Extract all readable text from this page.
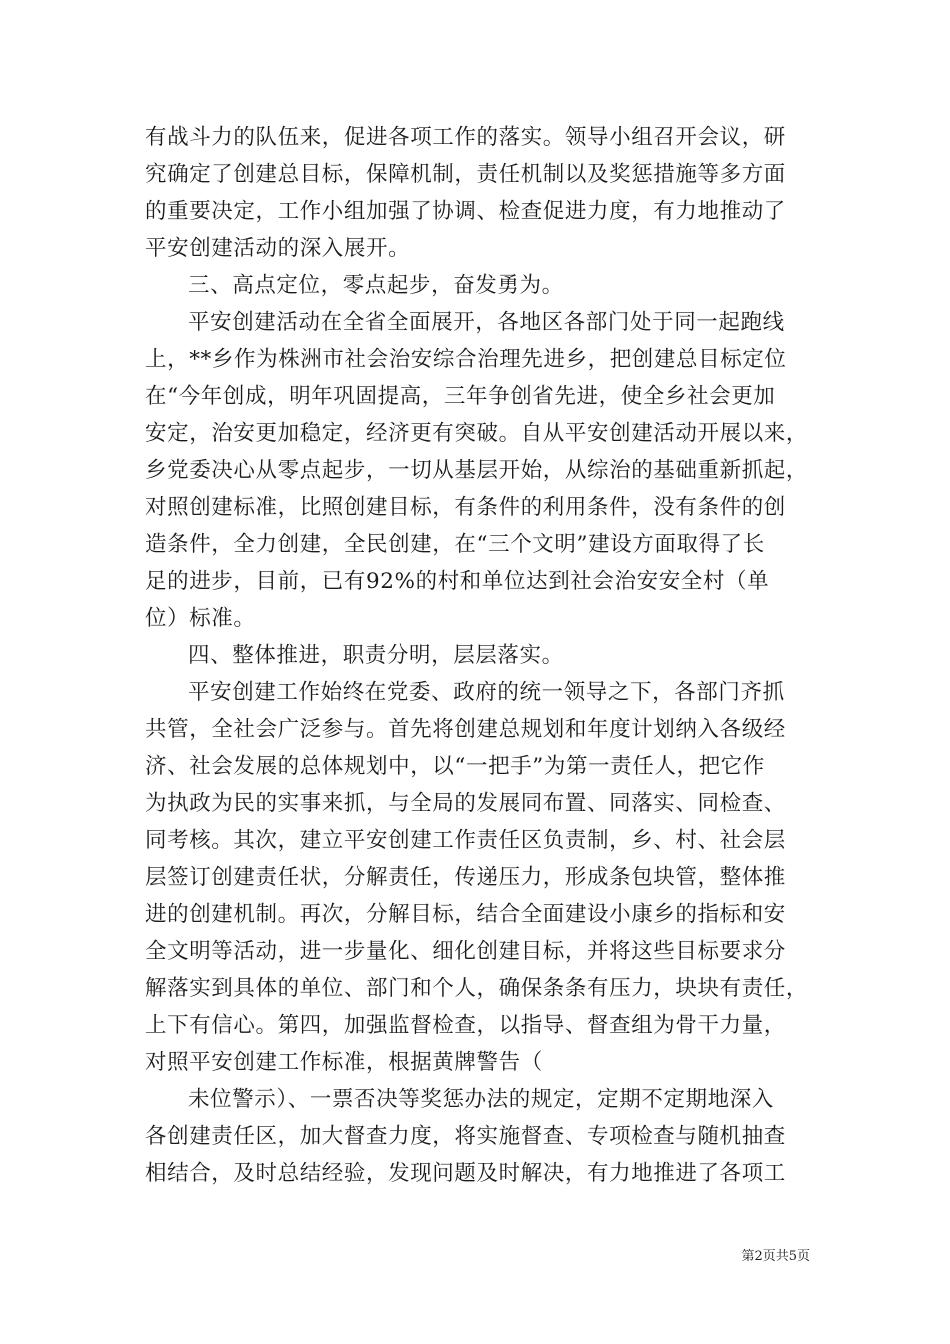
有战斗力的队伍来，促进各项工作的落实。领导小组召开会议，研
究确定了创建总目标，保障机制，责任机制以及奖惩措施等多方面
的重要决定，工作小组加强了协调、检查促进力度，有力地推动了
平安创建活动的深入展开。
三、高点定位，零点起步，奋发勇为。
平安创建活动在全省全面展开，各地区各部门处于同一起跑线
上，**乡作为株洲市社会治安综合治理先进乡，把创建总目标定位
在“今年创成，明年巩固提高，三年争创省先进，使全乡社会更加
安定，治安更加稳定，经济更有突破。自从平安创建活动开展以来，
乡党委决心从零点起步，一切从基层开始，从综治的基础重新抓起，
对照创建标准，比照创建目标，有条件的利用条件，没有条件的创
造条件，全力创建，全民创建，在“三个文明”建设方面取得了长
足的进步，目前，已有92%的村和单位达到社会治安安全村（单
位）标准。
四、整体推进，职责分明，层层落实。
平安创建工作始终在党委、政府的统一领导之下，各部门齐抓
共管，全社会广泛参与。首先将创建总规划和年度计划纳入各级经
济、社会发展的总体规划中，以“一把手”为第一责任人，把它作
为执政为民的实事来抓，与全局的发展同布置、同落实、同检查、
同考核。其次，建立平安创建工作责任区负责制，乡、村、社会层
层签订创建责任状，分解责任，传递压力，形成条包块管，整体推
进的创建机制。再次，分解目标，结合全面建设小康乡的指标和安
全文明等活动，进一步量化、细化创建目标，并将这些目标要求分
解落实到具体的单位、部门和个人，确保条条有压力，块块有责任，
上下有信心。第四，加强监督检查，以指导、督查组为骨干力量，
对照平安创建工作标准，根据黄牌警告（
未位警示）、一票否决等奖惩办法的规定，定期不定期地深入
各创建责任区，加大督查力度，将实施督查、专项检查与随机抽查
相结合，及时总结经验，发现问题及时解决，有力地推进了各项工
第2页共5页
